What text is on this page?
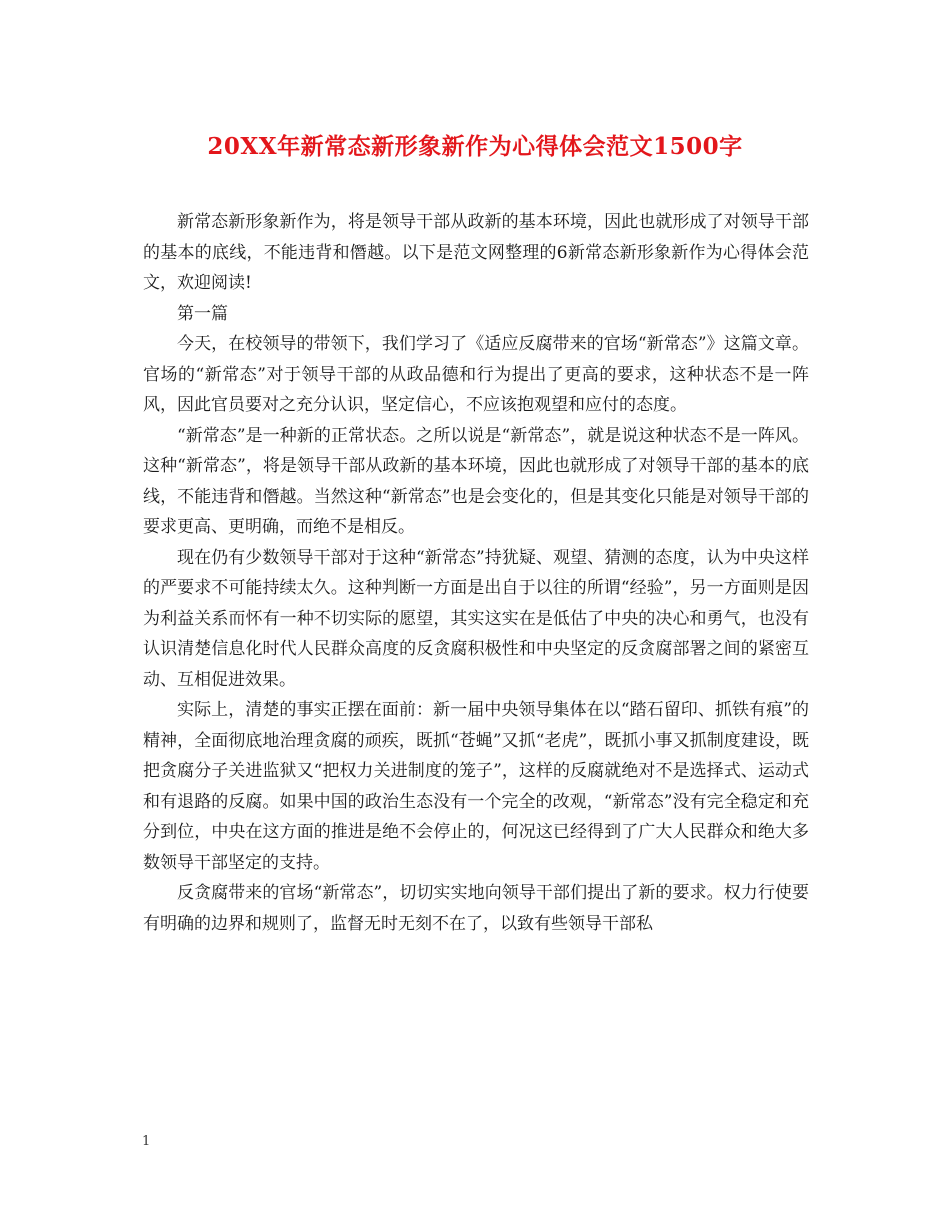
20XX年新常态新形象新作为心得体会范文1500字

新常态新形象新作为，将是领导干部从政新的基本环境，因此也就形成了对领导干部的基本的底线，不能违背和僭越。以下是范文网整理的6新常态新形象新作为心得体会范文，欢迎阅读!

第一篇

今天，在校领导的带领下，我们学习了《适应反腐带来的官场“新常态”》这篇文章。官场的“新常态”对于领导干部的从政品德和行为提出了更高的要求，这种状态不是一阵风，因此官员要对之充分认识，坚定信心，不应该抱观望和应付的态度。

“新常态”是一种新的正常状态。之所以说是“新常态”，就是说这种状态不是一阵风。这种“新常态”，将是领导干部从政新的基本环境，因此也就形成了对领导干部的基本的底线，不能违背和僭越。当然这种“新常态”也是会变化的，但是其变化只能是对领导干部的要求更高、更明确，而绝不是相反。

现在仍有少数领导干部对于这种“新常态”持犹疑、观望、猜测的态度，认为中央这样的严要求不可能持续太久。这种判断一方面是出自于以往的所谓“经验”，另一方面则是因为利益关系而怀有一种不切实际的愿望，其实这实在是低估了中央的决心和勇气，也没有认识清楚信息化时代人民群众高度的反贪腐积极性和中央坚定的反贪腐部署之间的紧密互动、互相促进效果。

实际上，清楚的事实正摆在面前：新一届中央领导集体在以“踏石留印、抓铁有痕”的精神，全面彻底地治理贪腐的顽疾，既抓“苍蝇”又抓“老虎”，既抓小事又抓制度建设，既把贪腐分子关进监狱又“把权力关进制度的笼子”，这样的反腐就绝对不是选择式、运动式和有退路的反腐。如果中国的政治生态没有一个完全的改观，“新常态”没有完全稳定和充分到位，中央在这方面的推进是绝不会停止的，何况这已经得到了广大人民群众和绝大多数领导干部坚定的支持。

反贪腐带来的官场“新常态”，切切实实地向领导干部们提出了新的要求。权力行使要有明确的边界和规则了，监督无时无刻不在了，以致有些领导干部私

1
